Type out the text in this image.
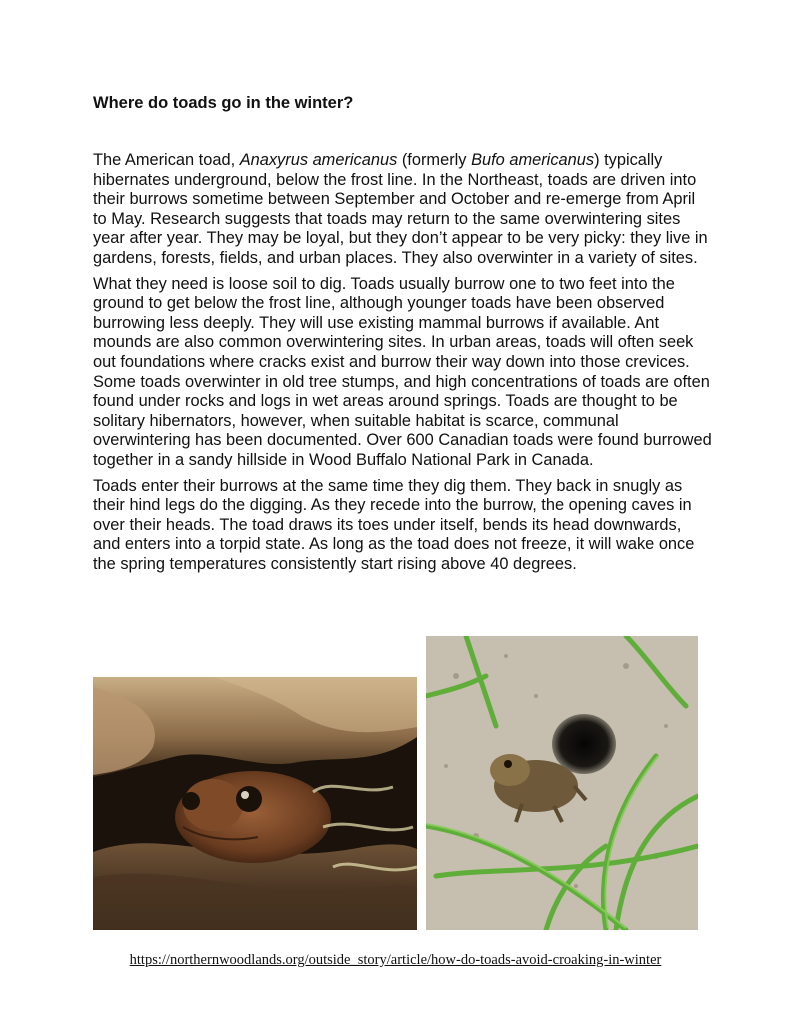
Where do toads go in the winter?

The American toad, Anaxyrus americanus (formerly Bufo americanus) typically hibernates underground, below the frost line. In the Northeast, toads are driven into their burrows sometime between September and October and re-emerge from April to May. Research suggests that toads may return to the same overwintering sites year after year. They may be loyal, but they don’t appear to be very picky: they live in gardens, forests, fields, and urban places. They also overwinter in a variety of sites.

What they need is loose soil to dig. Toads usually burrow one to two feet into the ground to get below the frost line, although younger toads have been observed burrowing less deeply. They will use existing mammal burrows if available. Ant mounds are also common overwintering sites. In urban areas, toads will often seek out foundations where cracks exist and burrow their way down into those crevices. Some toads overwinter in old tree stumps, and high concentrations of toads are often found under rocks and logs in wet areas around springs. Toads are thought to be solitary hibernators, however, when suitable habitat is scarce, communal overwintering has been documented. Over 600 Canadian toads were found burrowed together in a sandy hillside in Wood Buffalo National Park in Canada.

Toads enter their burrows at the same time they dig them. They back in snugly as their hind legs do the digging. As they recede into the burrow, the opening caves in over their heads. The toad draws its toes under itself, bends its head downwards, and enters into a torpid state. As long as the toad does not freeze, it will wake once the spring temperatures consistently start rising above 40 degrees.

https://northernwoodlands.org/outside_story/article/how-do-toads-avoid-croaking-in-winter
